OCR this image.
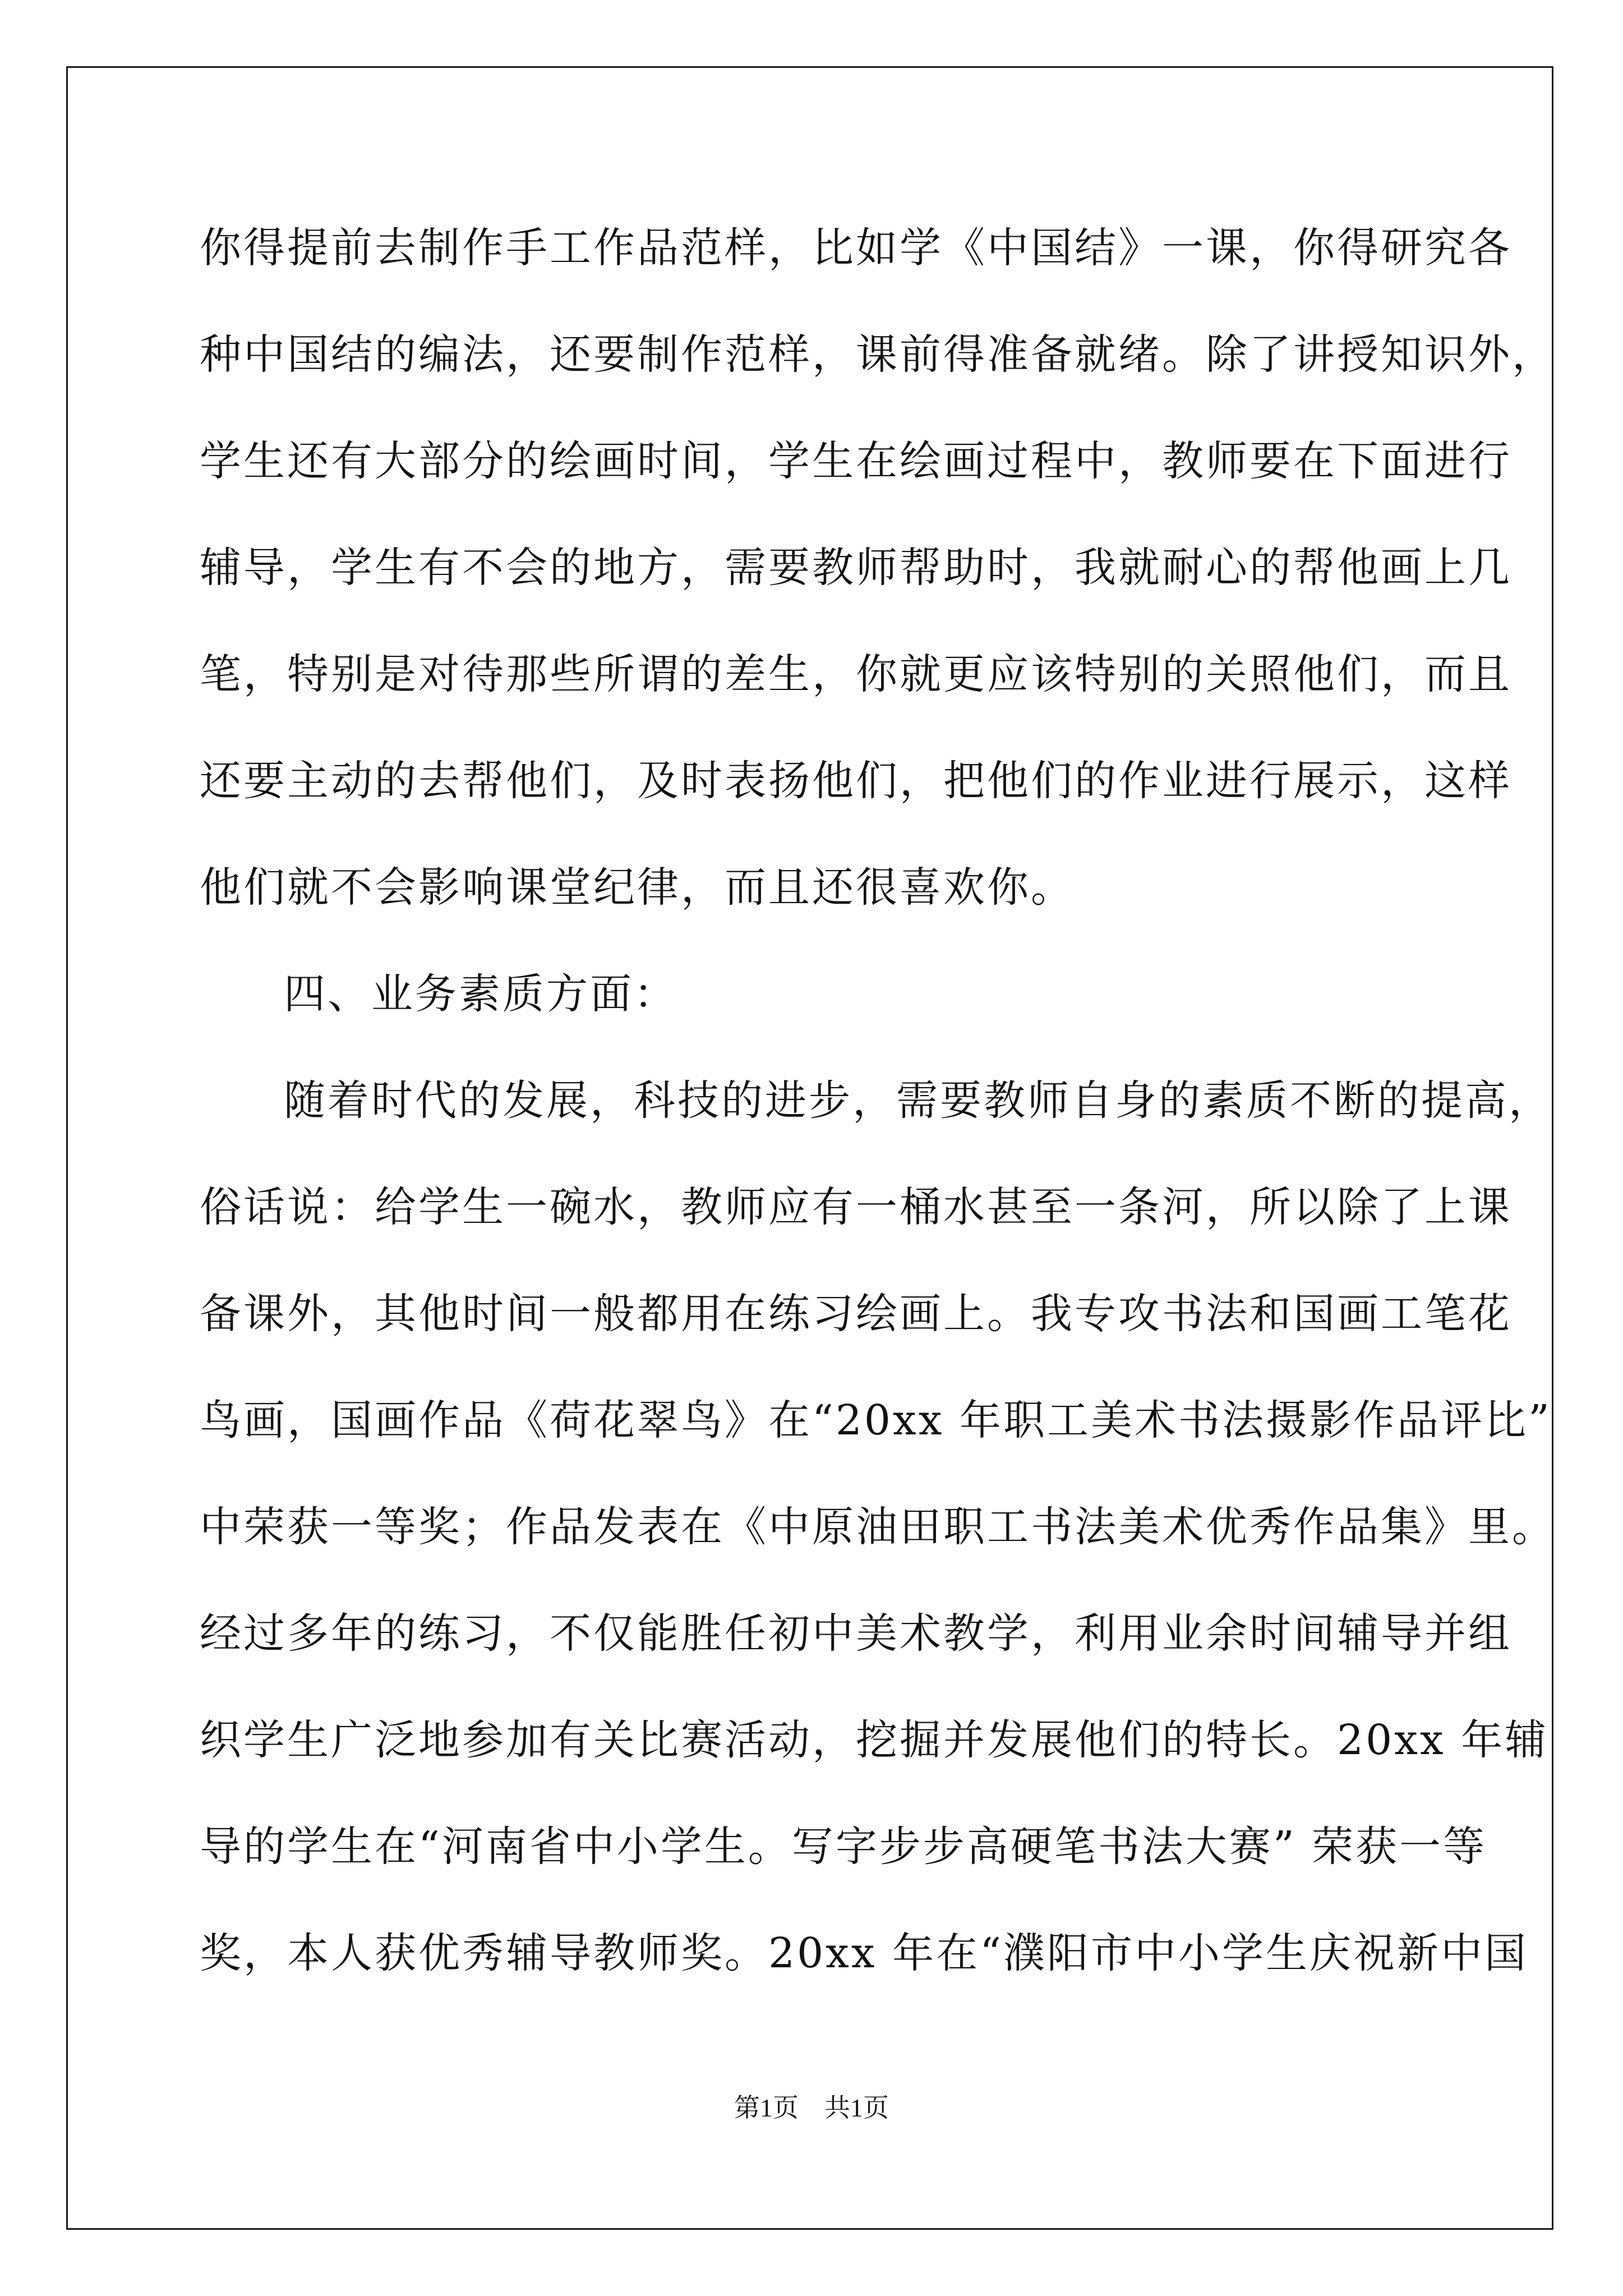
你得提前去制作手工作品范样，比如学《中国结》一课，你得研究各

种中国结的编法，还要制作范样，课前得准备就绪。除了讲授知识外，

学生还有大部分的绘画时间，学生在绘画过程中，教师要在下面进行

辅导，学生有不会的地方，需要教师帮助时，我就耐心的帮他画上几

笔，特别是对待那些所谓的差生，你就更应该特别的关照他们，而且

还要主动的去帮他们，及时表扬他们，把他们的作业进行展示，这样

他们就不会影响课堂纪律，而且还很喜欢你。

四、业务素质方面：

随着时代的发展，科技的进步，需要教师自身的素质不断的提高，

俗话说：给学生一碗水，教师应有一桶水甚至一条河，所以除了上课

备课外，其他时间一般都用在练习绘画上。我专攻书法和国画工笔花

鸟画，国画作品《荷花翠鸟》在“20xx 年职工美术书法摄影作品评比”

中荣获一等奖；作品发表在《中原油田职工书法美术优秀作品集》里。

经过多年的练习，不仅能胜任初中美术教学，利用业余时间辅导并组

织学生广泛地参加有关比赛活动，挖掘并发展他们的特长。20xx 年辅

导的学生在“河南省中小学生。写字步步高硬笔书法大赛” 荣获一等

奖，本人获优秀辅导教师奖。20xx 年在“濮阳市中小学生庆祝新中国

第1页　共1页
